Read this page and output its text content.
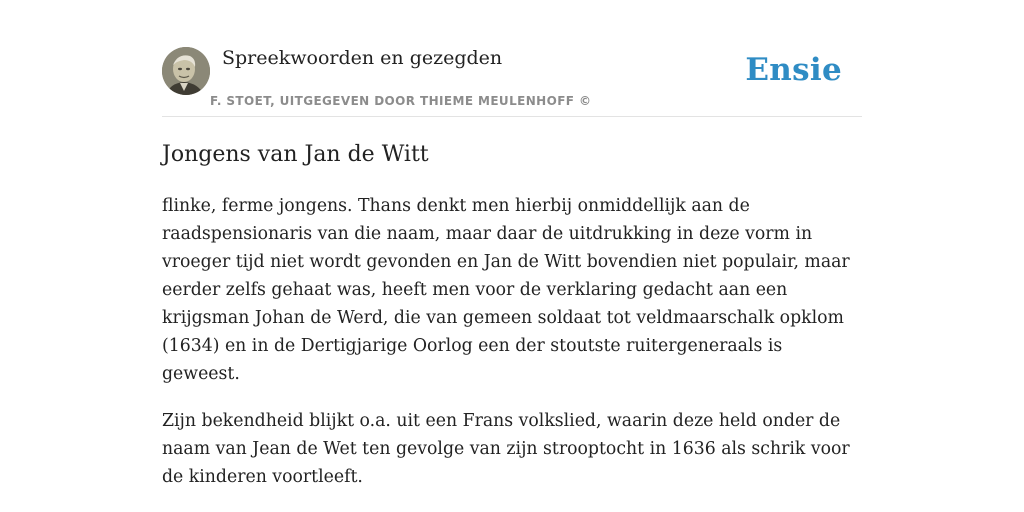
Spreekwoorden en gezegden
F. STOET, UITGEGEVEN DOOR THIEME MEULENHOFF ©
Ensie
Jongens van Jan de Witt

flinke, ferme jongens. Thans denkt men hierbij onmiddellijk aan de raadspensionaris van die naam, maar daar de uitdrukking in deze vorm in vroeger tijd niet wordt gevonden en Jan de Witt bovendien niet populair, maar eerder zelfs gehaat was, heeft men voor de verklaring gedacht aan een krijgsman Johan de Werd, die van gemeen soldaat tot veldmaarschalk opklom (1634) en in de Dertigjarige Oorlog een der stoutste ruitergeneraals is geweest.

Zijn bekendheid blijkt o.a. uit een Frans volkslied, waarin deze held onder de naam van Jean de Wet ten gevolge van zijn strooptocht in 1636 als schrik voor de kinderen voortleeft.
